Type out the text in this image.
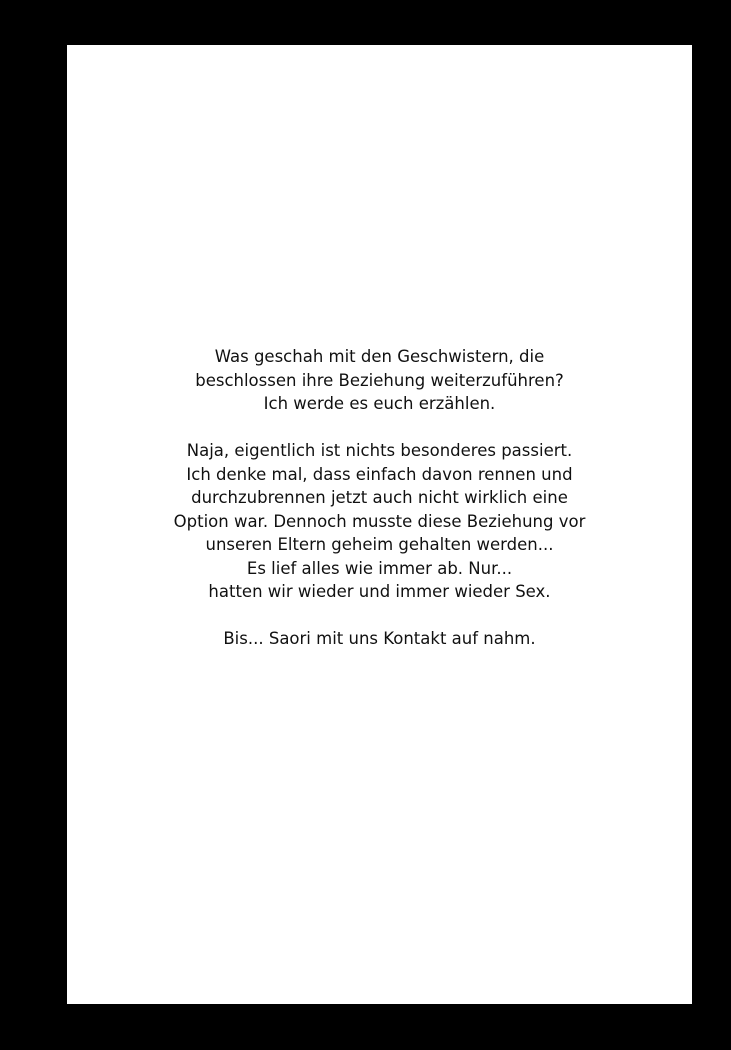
Was geschah mit den Geschwistern, die
beschlossen ihre Beziehung weiterzuführen?
Ich werde es euch erzählen.

Naja, eigentlich ist nichts besonderes passiert.
Ich denke mal, dass einfach davon rennen und
durchzubrennen jetzt auch nicht wirklich eine
Option war. Dennoch musste diese Beziehung vor
unseren Eltern geheim gehalten werden...
Es lief alles wie immer ab. Nur...
hatten wir wieder und immer wieder Sex.

Bis... Saori mit uns Kontakt auf nahm.
